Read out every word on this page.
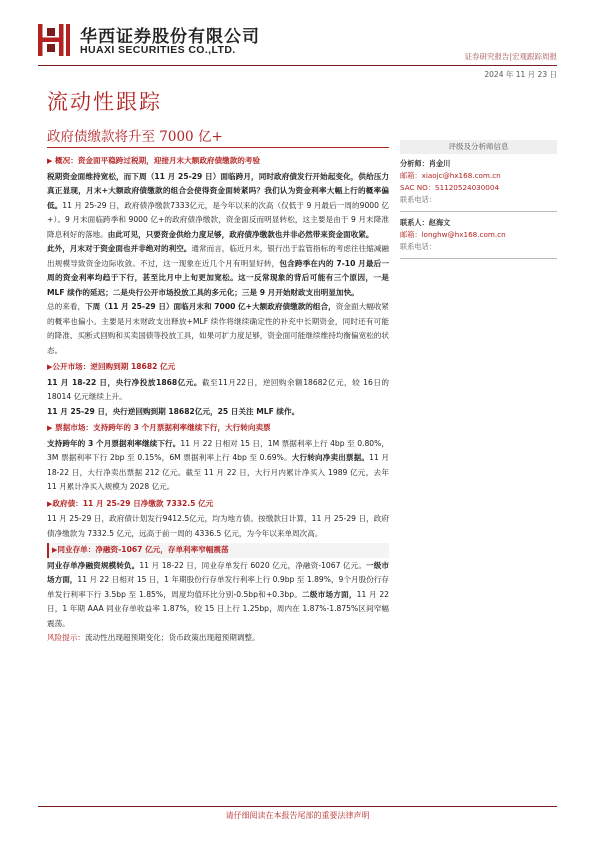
华西证券股份有限公司
HUAXI SECURITIES CO.,LTD.
证券研究报告|宏观跟踪周报
2024 年 11 月 23 日
流动性跟踪
政府债缴款将升至 7000 亿+
评级及分析师信息
分析师：肖金川
邮箱：xiaojc@hx168.com.cn
SAC NO：S1120524030004
联系电话：
联系人：赵海文
邮箱：longhw@hx168.com.cn
联系电话：
▶ 概况：资金面平稳跨过税期，迎接月末大额政府债缴款的考验

税期资金面维持宽松，而下周（11 月 25-29 日）面临跨月，同时政府债发行开始起变化，供给压力真正显现，月末+大额政府债缴款的组合会使得资金面转紧吗？我们认为资金利率大幅上行的概率偏低。11 月 25-29 日，政府债净缴款7333亿元，是今年以来的次高（仅低于 9 月最后一周的9000 亿+）。9 月末面临跨季和 9000 亿+的政府债净缴款，资金面反而明显转松，这主要是由于 9 月末降准降息利好的落地。由此可见，只要资金供给力度足够，政府债净缴款也并非必然带来资金面收紧。

此外，月末对于资金面也并非绝对的利空。通常而言，临近月末，银行出于监管指标的考虑往往缩减融出规模导致资金边际收敛。不过，这一现象在近几个月有明显好转，包含跨季在内的 7-10 月最后一周的资金利率均趋于下行，甚至比月中上旬更加宽松。这一反常现象的背后可能有三个原因，一是MLF 续作的延迟；二是央行公开市场投放工具的多元化；三是 9 月开始财政支出明显加快。

总的来看，下周（11 月 25-29 日）面临月末和 7000 亿+大额政府债缴款的组合，资金面大幅收紧的概率也偏小。主要是月末财政支出释放+MLF 续作将继续确定性的补充中长期资金，同时还有可能的降准、买断式回购和买卖国债等投放工具，如果可扩力度足够，资金面可能继续维持均衡偏宽松的状态。

▶公开市场：逆回购到期 18682 亿元

11 月 18-22 日，央行净投放1868亿元。截至11月22日，逆回购余额18682亿元，较 16日的 18014 亿元继续上升。

11 月 25-29 日，央行逆回购到期 18682亿元，25 日关注 MLF 续作。

▶ 票据市场：支持跨年的 3 个月票据利率继续下行，大行转向卖票

支持跨年的 3 个月票据利率继续下行。11 月 22 日相对 15 日，1M 票据利率上行 4bp 至 0.80%，3M 票据利率下行 2bp 至 0.15%，6M 票据利率上行 4bp 至 0.69%。大行转向净卖出票据。11 月 18-22 日，大行净卖出票据 212 亿元。截至 11 月 22 日，大行月内累计净买入 1989 亿元，去年 11 月累计净买入规模为 2028 亿元。

▶政府债：11 月 25-29 日净缴款 7332.5 亿元

11 月 25-29 日，政府债计划发行9412.5亿元，均为地方债。按缴款日计算，11 月 25-29 日，政府债净缴款为 7332.5 亿元，远高于前一周的 4336.5 亿元，为今年以来单周次高。

▶同业存单：净融资-1067 亿元，存单利率窄幅震荡

同业存单净融资规模转负。11 月 18-22 日，同业存单发行 6020 亿元，净融资-1067 亿元。一级市场方面，11 月 22 日相对 15 日，1 年期股份行存单发行利率上行 0.9bp 至 1.89%，9个月股份行存单发行利率下行 3.5bp 至 1.85%，周度均值环比分别-0.5bp和+0.3bp。二级市场方面，11 月 22 日，1 年期 AAA 同业存单收益率 1.87%，较 15 日上行 1.25bp，周内在 1.87%-1.875%区间窄幅震荡。

风险提示：流动性出现超预期变化；货币政策出现超预期调整。

请仔细阅读在本报告尾部的重要法律声明
